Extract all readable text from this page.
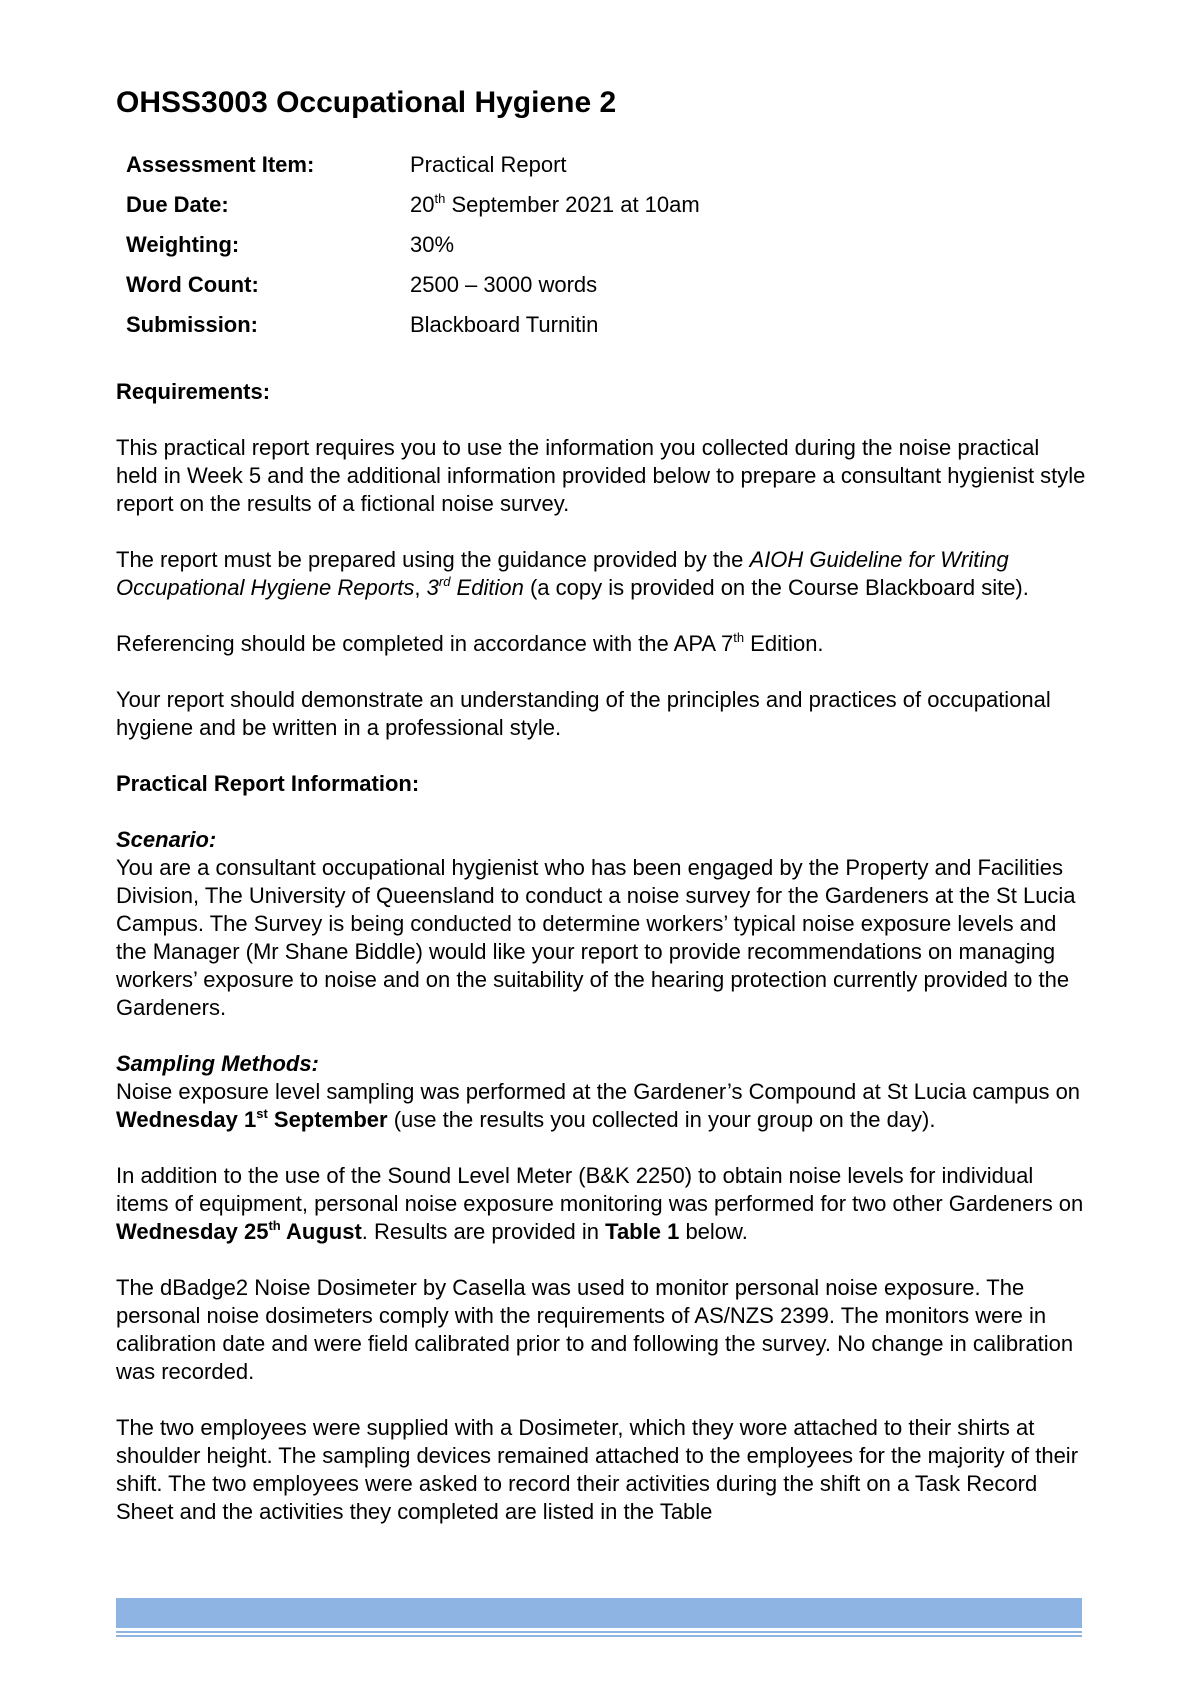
OHSS3003 Occupational Hygiene 2
Assessment Item:	Practical Report
Due Date:	20th September 2021 at 10am
Weighting:	30%
Word Count:	2500 – 3000 words
Submission:	Blackboard Turnitin
Requirements:

This practical report requires you to use the information you collected during the noise practical held in Week 5 and the additional information provided below to prepare a consultant hygienist style report on the results of a fictional noise survey.

The report must be prepared using the guidance provided by the AIOH Guideline for Writing Occupational Hygiene Reports, 3rd Edition (a copy is provided on the Course Blackboard site).

Referencing should be completed in accordance with the APA 7th Edition.

Your report should demonstrate an understanding of the principles and practices of occupational hygiene and be written in a professional style.

Practical Report Information:
Scenario:
You are a consultant occupational hygienist who has been engaged by the Property and Facilities Division, The University of Queensland to conduct a noise survey for the Gardeners at the St Lucia Campus. The Survey is being conducted to determine workers’ typical noise exposure levels and the Manager (Mr Shane Biddle) would like your report to provide recommendations on managing workers’ exposure to noise and on the suitability of the hearing protection currently provided to the Gardeners.
Sampling Methods:
Noise exposure level sampling was performed at the Gardener’s Compound at St Lucia campus on Wednesday 1st September (use the results you collected in your group on the day).

In addition to the use of the Sound Level Meter (B&K 2250) to obtain noise levels for individual items of equipment, personal noise exposure monitoring was performed for two other Gardeners on Wednesday 25th August. Results are provided in Table 1 below.

The dBadge2 Noise Dosimeter by Casella was used to monitor personal noise exposure. The personal noise dosimeters comply with the requirements of AS/NZS 2399. The monitors were in calibration date and were field calibrated prior to and following the survey. No change in calibration was recorded.

The two employees were supplied with a Dosimeter, which they wore attached to their shirts at shoulder height. The sampling devices remained attached to the employees for the majority of their shift. The two employees were asked to record their activities during the shift on a Task Record Sheet and the activities they completed are listed in the Table
